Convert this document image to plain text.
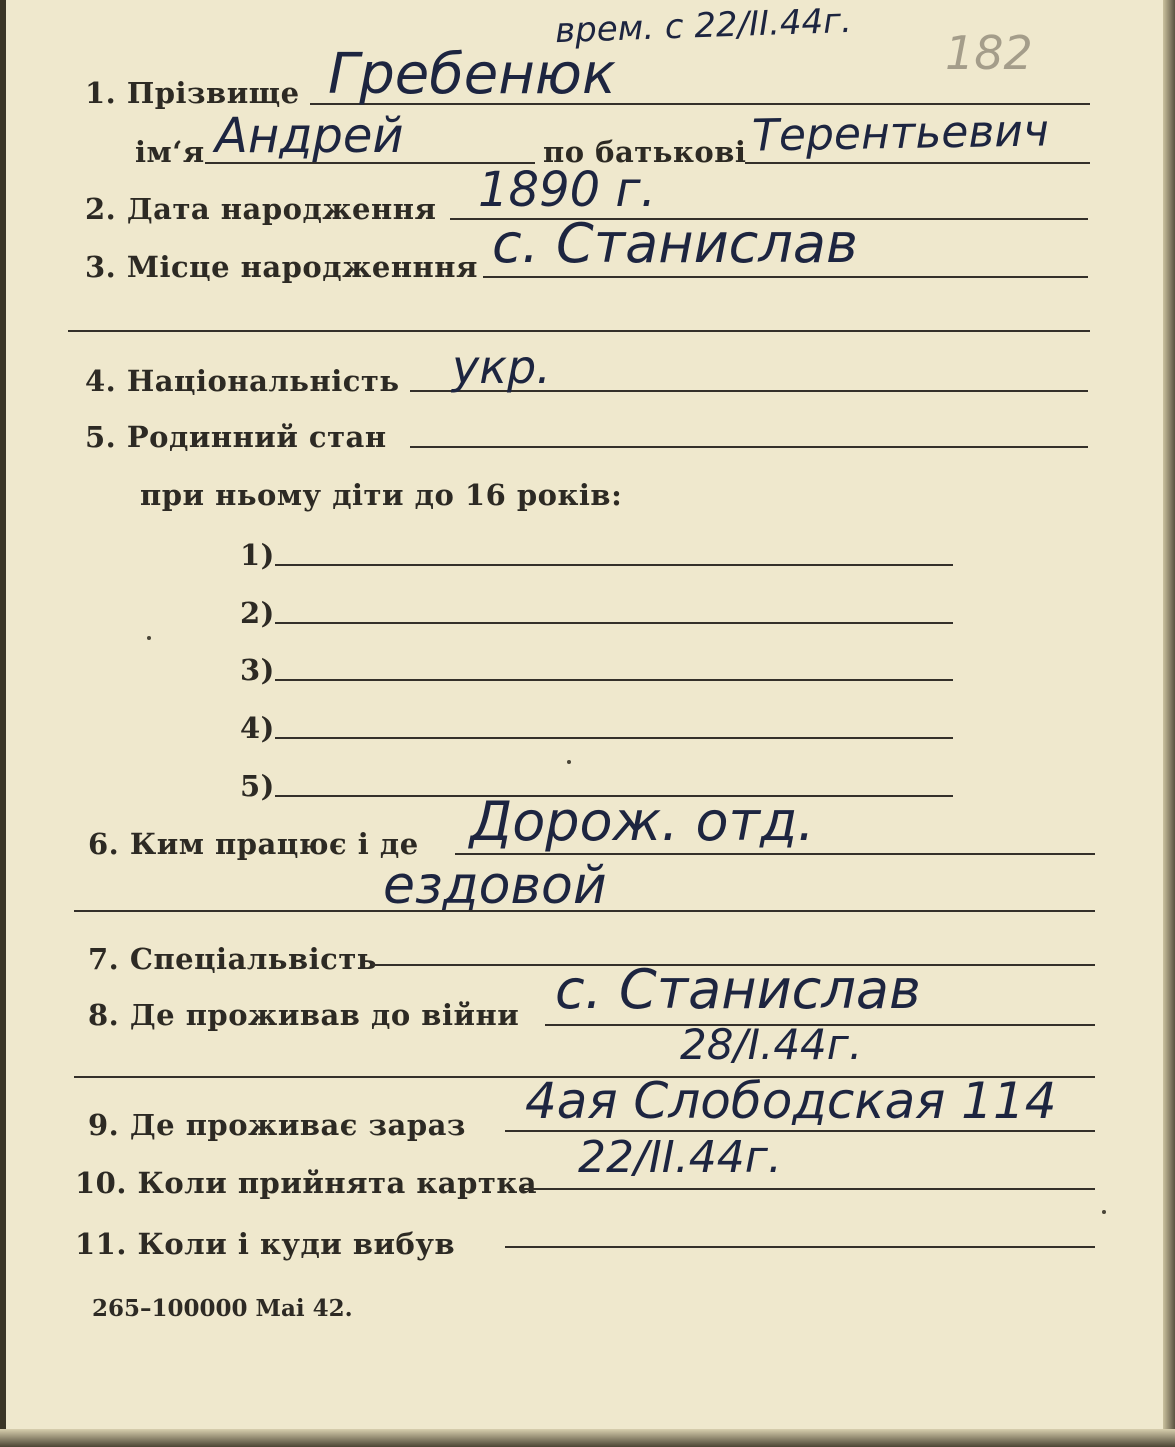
врем. с 22/II.44г. 182
1. Прізвище Гребенюк
ім‘я Андрей	по батькові Терентьевич
2. Дата народження 1890 г.
3. Місце народженння с. Станислав
4. Національність укр.
5. Родинний стан
при ньому діти до 16 років:
1)
2)
3)
4)
5)
6. Ким працює і де Дорож. отд.
ездовой
7. Спеціальвість
8. Де проживав до війни с. Станислав
28/I.44г.
9. Де проживає зараз 4ая Слободская 114
10. Коли прийнята картка 22/II.44г.
11. Коли і куди вибув
265–100000 Mai 42.
